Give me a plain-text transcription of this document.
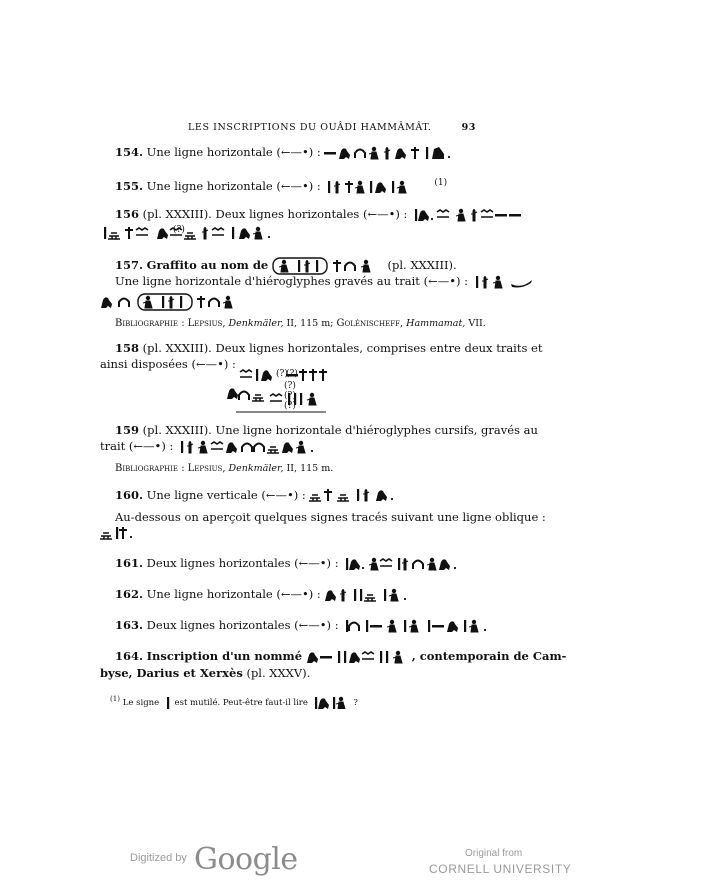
LES INSCRIPTIONS DU OUÂDI HAMMÂMÂT.	93
154. Une ligne horizontale (←—•) :
155. Une ligne horizontale (←—•) :	$^{(1)}$
156 (pl. XXXIII). Deux lignes horizontales (←—•) :
(?)
157. Graffito au nom de	(pl. XXXIII).
Une ligne horizontale d'hiéroglyphes gravés au trait (←—•) :
Bibliographie : Lepsius, Denkmäler, II, 115 m; Golénischeff, Hammamat, VII.
158 (pl. XXXIII). Deux lignes horizontales, comprises entre deux traits et
ainsi disposées (←—•) :
(?)
(?)
(?)
(?)
(?)
159 (pl. XXXIII). Une ligne horizontale d'hiéroglyphes cursifs, gravés au
trait (←—•) :
Bibliographie : Lepsius, Denkmäler, II, 115 m.
160. Une ligne verticale (←—•) :
Au-dessous on aperçoit quelques signes tracés suivant une ligne oblique :
161. Deux lignes horizontales (←—•) :
162. Une ligne horizontale (←—•) :
163. Deux lignes horizontales (←—•) :
164. Inscription d'un nommé	, contemporain de Cam-
byse, Darius et Xerxès (pl. XXXV).
$^{(1)}$ Le signe est mutilé. Peut-être faut-il lire	?
Digitized by Google	Original from
CORNELL UNIVERSITY
